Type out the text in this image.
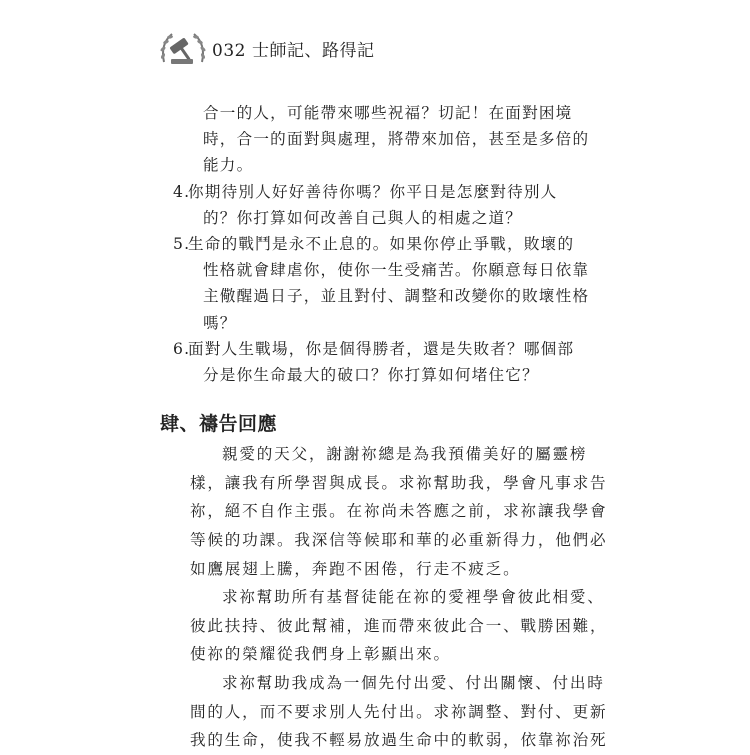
032 士師記、路得記
合一的人，可能帶來哪些祝福？切記！在面對困境
時，合一的面對與處理，將帶來加倍，甚至是多倍的
能力。
4.你期待別人好好善待你嗎？你平日是怎麼對待別人
的？你打算如何改善自己與人的相處之道？
5.生命的戰鬥是永不止息的。如果你停止爭戰，敗壞的
性格就會肆虐你，使你一生受痛苦。你願意每日依靠
主儆醒過日子，並且對付、調整和改變你的敗壞性格
嗎？
6.面對人生戰場，你是個得勝者，還是失敗者？哪個部
分是你生命最大的破口？你打算如何堵住它？
肆、禱告回應
親愛的天父，謝謝祢總是為我預備美好的屬靈榜
樣，讓我有所學習與成長。求祢幫助我，學會凡事求告
祢，絕不自作主張。在祢尚未答應之前，求祢讓我學會
等候的功課。我深信等候耶和華的必重新得力，他們必
如鷹展翅上騰，奔跑不困倦，行走不疲乏。
求祢幫助所有基督徒能在祢的愛裡學會彼此相愛、
彼此扶持、彼此幫補，進而帶來彼此合一、戰勝困難，
使祢的榮耀從我們身上彰顯出來。
求祢幫助我成為一個先付出愛、付出關懷、付出時
間的人，而不要求別人先付出。求祢調整、對付、更新
我的生命，使我不輕易放過生命中的軟弱，依靠祢治死
